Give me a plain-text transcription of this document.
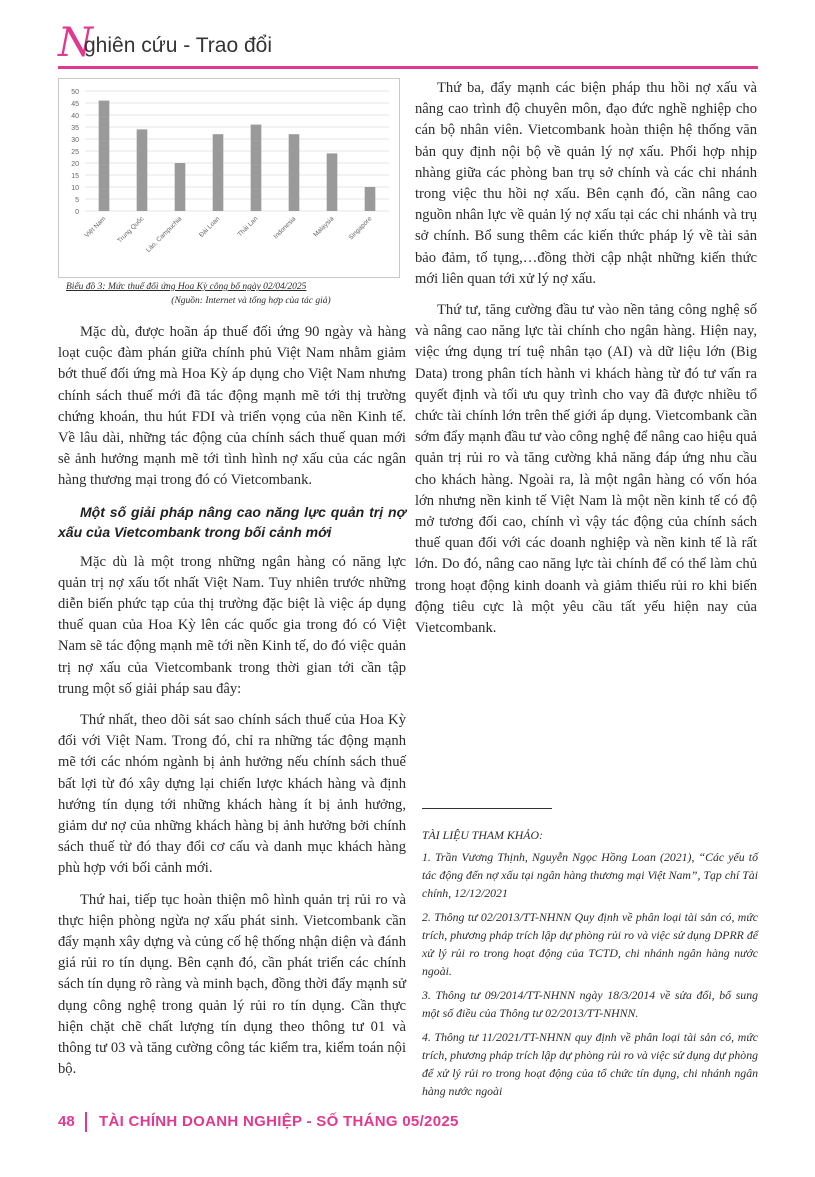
N
ghiên cứu - Trao đổi
0
5
10
15
20
25
30
35
40
45
50
Việt Nam Trung Quốc Lào, Campuchia Đài Loan Thái Lan Indonesia Malaysia Singapore
Biểu đồ 3: Mức thuế đối ứng Hoa Kỳ công bố ngày 02/04/2025
(Nguồn: Internet và tổng hợp của tác giả)

Mặc dù, được hoãn áp thuế đối ứng 90 ngày và hàng loạt cuộc đàm phán giữa chính phủ Việt Nam nhằm giảm bớt thuế đối ứng mà Hoa Kỳ áp dụng cho Việt Nam nhưng chính sách thuế mới đã tác động mạnh mẽ tới thị trường chứng khoán, thu hút FDI và triển vọng của nền Kinh tế. Về lâu dài, những tác động của chính sách thuế quan mới sẽ ảnh hưởng mạnh mẽ tới tình hình nợ xấu của các ngân hàng thương mại trong đó có Vietcombank.

Một số giải pháp nâng cao năng lực quản trị nợ xấu của Vietcombank trong bối cảnh mới

Mặc dù là một trong những ngân hàng có năng lực quản trị nợ xấu tốt nhất Việt Nam. Tuy nhiên trước những diễn biến phức tạp của thị trường đặc biệt là việc áp dụng thuế quan của Hoa Kỳ lên các quốc gia trong đó có Việt Nam sẽ tác động mạnh mẽ tới nền Kinh tế, do đó việc quản trị nợ xấu của Vietcombank trong thời gian tới cần tập trung một số giải pháp sau đây:

Thứ nhất, theo dõi sát sao chính sách thuế của Hoa Kỳ đối với Việt Nam. Trong đó, chỉ ra những tác động mạnh mẽ tới các nhóm ngành bị ảnh hưởng nếu chính sách thuế bất lợi từ đó xây dựng lại chiến lược khách hàng và định hướng tín dụng tới những khách hàng ít bị ảnh hưởng, giảm dư nợ của những khách hàng bị ảnh hưởng bởi chính sách thuế từ đó thay đổi cơ cấu và danh mục khách hàng phù hợp với bối cảnh mới.

Thứ hai, tiếp tục hoàn thiện mô hình quản trị rủi ro và thực hiện phòng ngừa nợ xấu phát sinh. Vietcombank cần đẩy mạnh xây dựng và củng cố hệ thống nhận diện và đánh giá rủi ro tín dụng. Bên cạnh đó, cần phát triển các chính sách tín dụng rõ ràng và minh bạch, đồng thời đẩy mạnh sử dụng công nghệ trong quản lý rủi ro tín dụng. Cần thực hiện chặt chẽ chất lượng tín dụng theo thông tư 01 và thông tư 03 và tăng cường công tác kiểm tra, kiểm toán nội bộ.

Thứ ba, đẩy mạnh các biện pháp thu hồi nợ xấu và nâng cao trình độ chuyên môn, đạo đức nghề nghiệp cho cán bộ nhân viên. Vietcombank hoàn thiện hệ thống văn bản quy định nội bộ về quản lý nợ xấu. Phối hợp nhịp nhàng giữa các phòng ban trụ sở chính và các chi nhánh trong việc thu hồi nợ xấu. Bên cạnh đó, cần nâng cao nguồn nhân lực về quản lý nợ xấu tại các chi nhánh và trụ sở chính. Bổ sung thêm các kiến thức pháp lý về tài sản bảo đảm, tố tụng,…đồng thời cập nhật những kiến thức mới liên quan tới xử lý nợ xấu.

Thứ tư, tăng cường đầu tư vào nền tảng công nghệ số và nâng cao năng lực tài chính cho ngân hàng. Hiện nay, việc ứng dụng trí tuệ nhân tạo (AI) và dữ liệu lớn (Big Data) trong phân tích hành vi khách hàng từ đó tư vấn ra quyết định và tối ưu quy trình cho vay đã được nhiều tổ chức tài chính lớn trên thế giới áp dụng. Vietcombank cần sớm đẩy mạnh đầu tư vào công nghệ để nâng cao hiệu quả quản trị rủi ro và tăng cường khả năng đáp ứng nhu cầu cho khách hàng. Ngoài ra, là một ngân hàng có vốn hóa lớn nhưng nền kinh tế Việt Nam là một nền kinh tế có độ mở tương đối cao, chính vì vậy tác động của chính sách thuế quan đối với các doanh nghiệp và nền kinh tế là rất lớn. Do đó, nâng cao năng lực tài chính để có thể làm chủ trong hoạt động kinh doanh và giảm thiểu rủi ro khi biến động tiêu cực là một yêu cầu tất yếu hiện nay của Vietcombank.

TÀI LIỆU THAM KHẢO:
1. Trần Vương Thịnh, Nguyễn Ngọc Hồng Loan (2021), “Các yếu tố tác động đến nợ xấu tại ngân hàng thương mại Việt Nam”, Tạp chí Tài chính, 12/12/2021
2. Thông tư 02/2013/TT-NHNN Quy định về phân loại tài sản có, mức trích, phương pháp trích lập dự phòng rủi ro và việc sử dụng DPRR để xử lý rủi ro trong hoạt động của TCTD, chi nhánh ngân hàng nước ngoài.
3. Thông tư 09/2014/TT-NHNN ngày 18/3/2014 về sửa đổi, bổ sung một số điều của Thông tư 02/2013/TT-NHNN.
4. Thông tư 11/2021/TT-NHNN quy định về phân loại tài sản có, mức trích, phương pháp trích lập dự phòng rủi ro và việc sử dụng dự phòng để xử lý rủi ro trong hoạt động của tổ chức tín dụng, chi nhánh ngân hàng nước ngoài
48 TÀI CHÍNH DOANH NGHIỆP - SỐ THÁNG 05/2025
